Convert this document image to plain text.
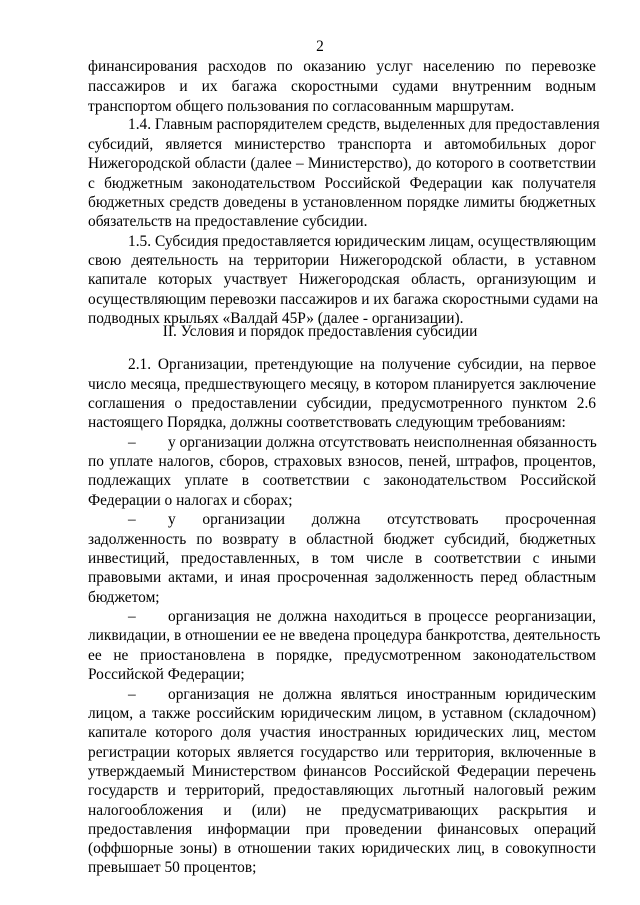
2
финансирования расходов по оказанию услуг населению по перевозке
пассажиров и их багажа скоростными судами внутренним водным
транспортом общего пользования по согласованным маршрутам.
1.4. Главным распорядителем средств, выделенных для предоставления
субсидий, является министерство транспорта и автомобильных дорог
Нижегородской области (далее – Министерство), до которого в соответствии
с бюджетным законодательством Российской Федерации как получателя
бюджетных средств доведены в установленном порядке лимиты бюджетных
обязательств на предоставление субсидии.
1.5. Субсидия предоставляется юридическим лицам, осуществляющим
свою деятельность на территории Нижегородской области, в уставном
капитале которых участвует Нижегородская область, организующим и
осуществляющим перевозки пассажиров и их багажа скоростными судами на
подводных крыльях «Валдай 45Р» (далее - организации).
II. Условия и порядок предоставления субсидии
2.1. Организации, претендующие на получение субсидии, на первое
число месяца, предшествующего месяцу, в котором планируется заключение
соглашения о предоставлении субсидии, предусмотренного пунктом 2.6
настоящего Порядка, должны соответствовать следующим требованиям:
– у организации должна отсутствовать неисполненная обязанность
по уплате налогов, сборов, страховых взносов, пеней, штрафов, процентов,
подлежащих уплате в соответствии с законодательством Российской
Федерации о налогах и сборах;
– у организации должна отсутствовать просроченная
задолженность по возврату в областной бюджет субсидий, бюджетных
инвестиций, предоставленных, в том числе в соответствии с иными
правовыми актами, и иная просроченная задолженность перед областным
бюджетом;
– организация не должна находиться в процессе реорганизации,
ликвидации, в отношении ее не введена процедура банкротства, деятельность
ее не приостановлена в порядке, предусмотренном законодательством
Российской Федерации;
– организация не должна являться иностранным юридическим
лицом, а также российским юридическим лицом, в уставном (складочном)
капитале которого доля участия иностранных юридических лиц, местом
регистрации которых является государство или территория, включенные в
утверждаемый Министерством финансов Российской Федерации перечень
государств и территорий, предоставляющих льготный налоговый режим
налогообложения и (или) не предусматривающих раскрытия и
предоставления информации при проведении финансовых операций
(оффшорные зоны) в отношении таких юридических лиц, в совокупности
превышает 50 процентов;
